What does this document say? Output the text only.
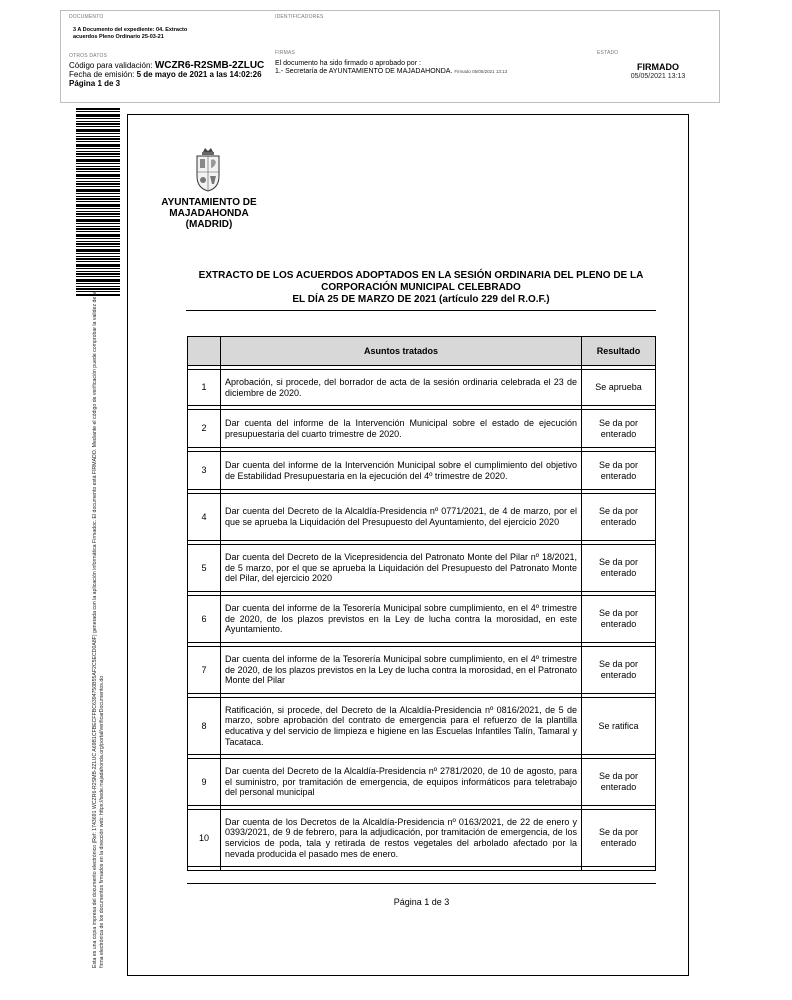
DOCUMENTO
3 A Documento del expediente: 04. Extracto acuerdos Pleno Ordinario 25-03-21
IDENTIFICADORES
OTROS DATOS
Código para validación: WCZR6-R2SMB-2ZLUC
Fecha de emisión: 5 de mayo de 2021 a las 14:02:26
Página 1 de 3
FIRMAS
El documento ha sido firmado o aprobado por :
1.- Secretaría de AYUNTAMIENTO DE MAJADAHONDA. Firmado 05/05/2021 13:13
ESTADO
FIRMADO
05/05/2021 13:13
Esta es una copia impresa del documento electrónico (Ref: 1743691 WCZR6-R2SMB-2ZLUC A69B1CFBECFFBC6394750B55AF2C5ECD0A8F) generada con la aplicación informática Firmadoc. El documento está FIRMADO. Mediante el código de verificación puede comprobar la validez de la firma electrónica de los documentos firmados en la dirección web: https://sede.majadahonda.org/portal/verificarDocumentos.do
AYUNTAMIENTO DE
MAJADAHONDA
(MADRID)
EXTRACTO DE LOS ACUERDOS ADOPTADOS EN LA SESIÓN ORDINARIA DEL PLENO DE LA
CORPORACIÓN MUNICIPAL CELEBRADO
EL DÍA 25 DE MARZO DE 2021 (artículo 229 del R.O.F.)
	Asuntos tratados	Resultado

1	Aprobación, si procede, del borrador de acta de la sesión ordinaria celebrada el 23 de diciembre de 2020.	Se aprueba

2	Dar cuenta del informe de la Intervención Municipal sobre el estado de ejecución presupuestaria del cuarto trimestre de 2020.	Se da por enterado

3	Dar cuenta del informe de la Intervención Municipal sobre el cumplimiento del objetivo de Estabilidad Presupuestaria en la ejecución del 4º trimestre de 2020.	Se da por enterado

4	Dar cuenta del Decreto de la Alcaldía-Presidencia nº 0771/2021, de 4 de marzo, por el que se aprueba la Liquidación del Presupuesto del Ayuntamiento, del ejercicio 2020	Se da por enterado

5	Dar cuenta del Decreto de la Vicepresidencia del Patronato Monte del Pilar nº 18/2021, de 5 marzo, por el que se aprueba la Liquidación del Presupuesto del Patronato Monte del Pilar, del ejercicio 2020	Se da por enterado

6	Dar cuenta del informe de la Tesorería Municipal sobre cumplimiento, en el 4º trimestre de 2020, de los plazos previstos en la Ley de lucha contra la morosidad, en este Ayuntamiento.	Se da por enterado

7	Dar cuenta del informe de la Tesorería Municipal sobre cumplimiento, en el 4º trimestre de 2020, de los plazos previstos en la Ley de lucha contra la morosidad, en el Patronato Monte del Pilar	Se da por enterado

8	Ratificación, si procede, del Decreto de la Alcaldía-Presidencia nº 0816/2021, de 5 de marzo, sobre aprobación del contrato de emergencia para el refuerzo de la plantilla educativa y del servicio de limpieza e higiene en las Escuelas Infantiles Talín, Tamaral y Tacataca.	Se ratifica

9	Dar cuenta del Decreto de la Alcaldía-Presidencia nº 2781/2020, de 10 de agosto, para el suministro, por tramitación de emergencia, de equipos informáticos para teletrabajo del personal municipal	Se da por enterado

10	Dar cuenta de los Decretos de la Alcaldía-Presidencia nº 0163/2021, de 22 de enero y 0393/2021, de 9 de febrero, para la adjudicación, por tramitación de emergencia, de los servicios de poda, tala y retirada de restos vegetales del arbolado afectado por la nevada producida el pasado mes de enero.	Se da por enterado

Página 1 de 3
